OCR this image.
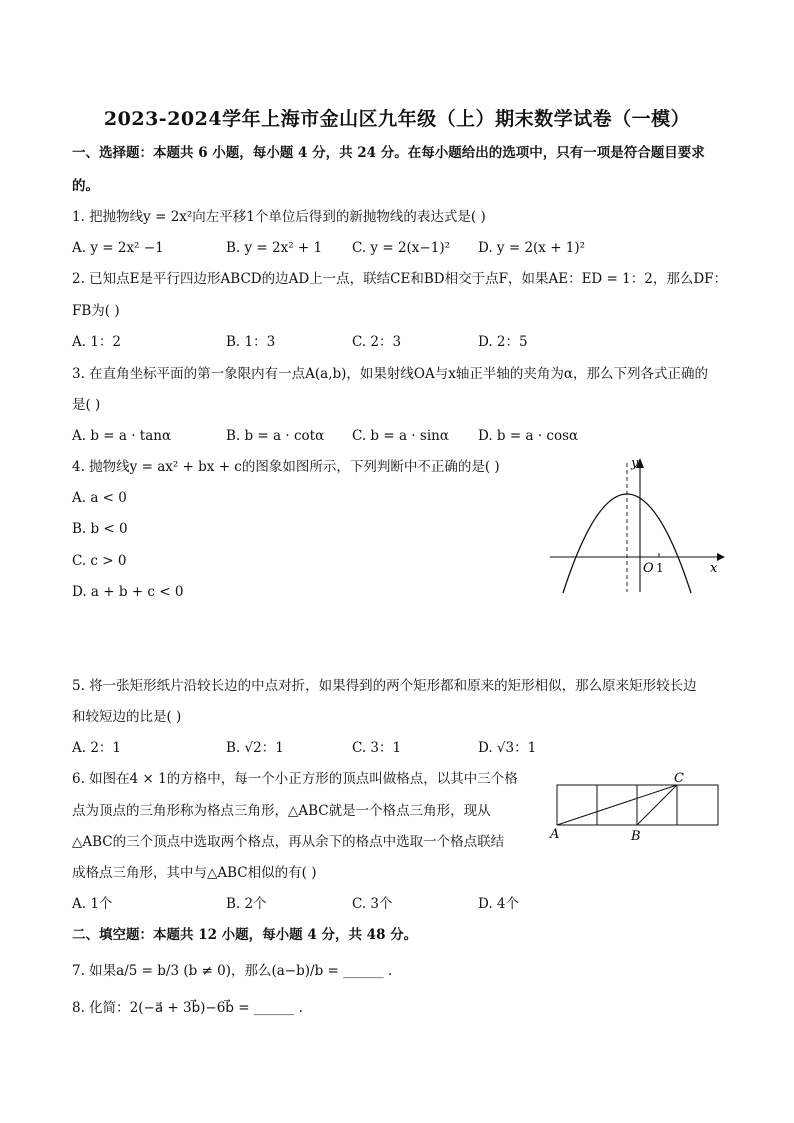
2023-2024学年上海市金山区九年级（上）期末数学试卷（一模）
一、选择题：本题共 6 小题，每小题 4 分，共 24 分。在每小题给出的选项中，只有一项是符合题目要求
的。
1. 把抛物线y = 2x²向左平移1个单位后得到的新抛物线的表达式是( )
A. y = 2x² −1	B. y = 2x² + 1 C. y = 2(x−1)² D. y = 2(x + 1)²
2. 已知点E是平行四边形ABCD的边AD上一点，联结CE和BD相交于点F，如果AE：ED = 1：2，那么DF：
FB为( )
A. 1：2	B. 1：3	C. 2：3	D. 2：5
3. 在直角坐标平面的第一象限内有一点A(a,b)，如果射线OA与x轴正半轴的夹角为α，那么下列各式正确的
是( )
A. b = a · tanα	B. b = a · cotα C. b = a · sinα D. b = a · cosα
4. 抛物线y = ax² + bx + c的图象如图所示，下列判断中不正确的是( )
A. a < 0
B. b < 0
C. c > 0
D. a + b + c < 0
y
x
O 1
5. 将一张矩形纸片沿较长边的中点对折，如果得到的两个矩形都和原来的矩形相似，那么原来矩形较长边
和较短边的比是( )
A. 2：1	B. √2：1	C. 3：1	D. √3：1
6. 如图在4 × 1的方格中，每一个小正方形的顶点叫做格点，以其中三个格
点为顶点的三角形称为格点三角形，△ABC就是一个格点三角形，现从
△ABC的三个顶点中选取两个格点，再从余下的格点中选取一个格点联结
成格点三角形，其中与△ABC相似的有( )
A. 1个	B. 2个	C. 3个	D. 4个
A	B
C
二、填空题：本题共 12 小题，每小题 4 分，共 48 分。
7. 如果a/5 = b/3 (b ≠ 0)，那么(a−b)/b = ______ .
8. 化简：2(−a⃗ + 3b⃗)−6b⃗ = ______ .
